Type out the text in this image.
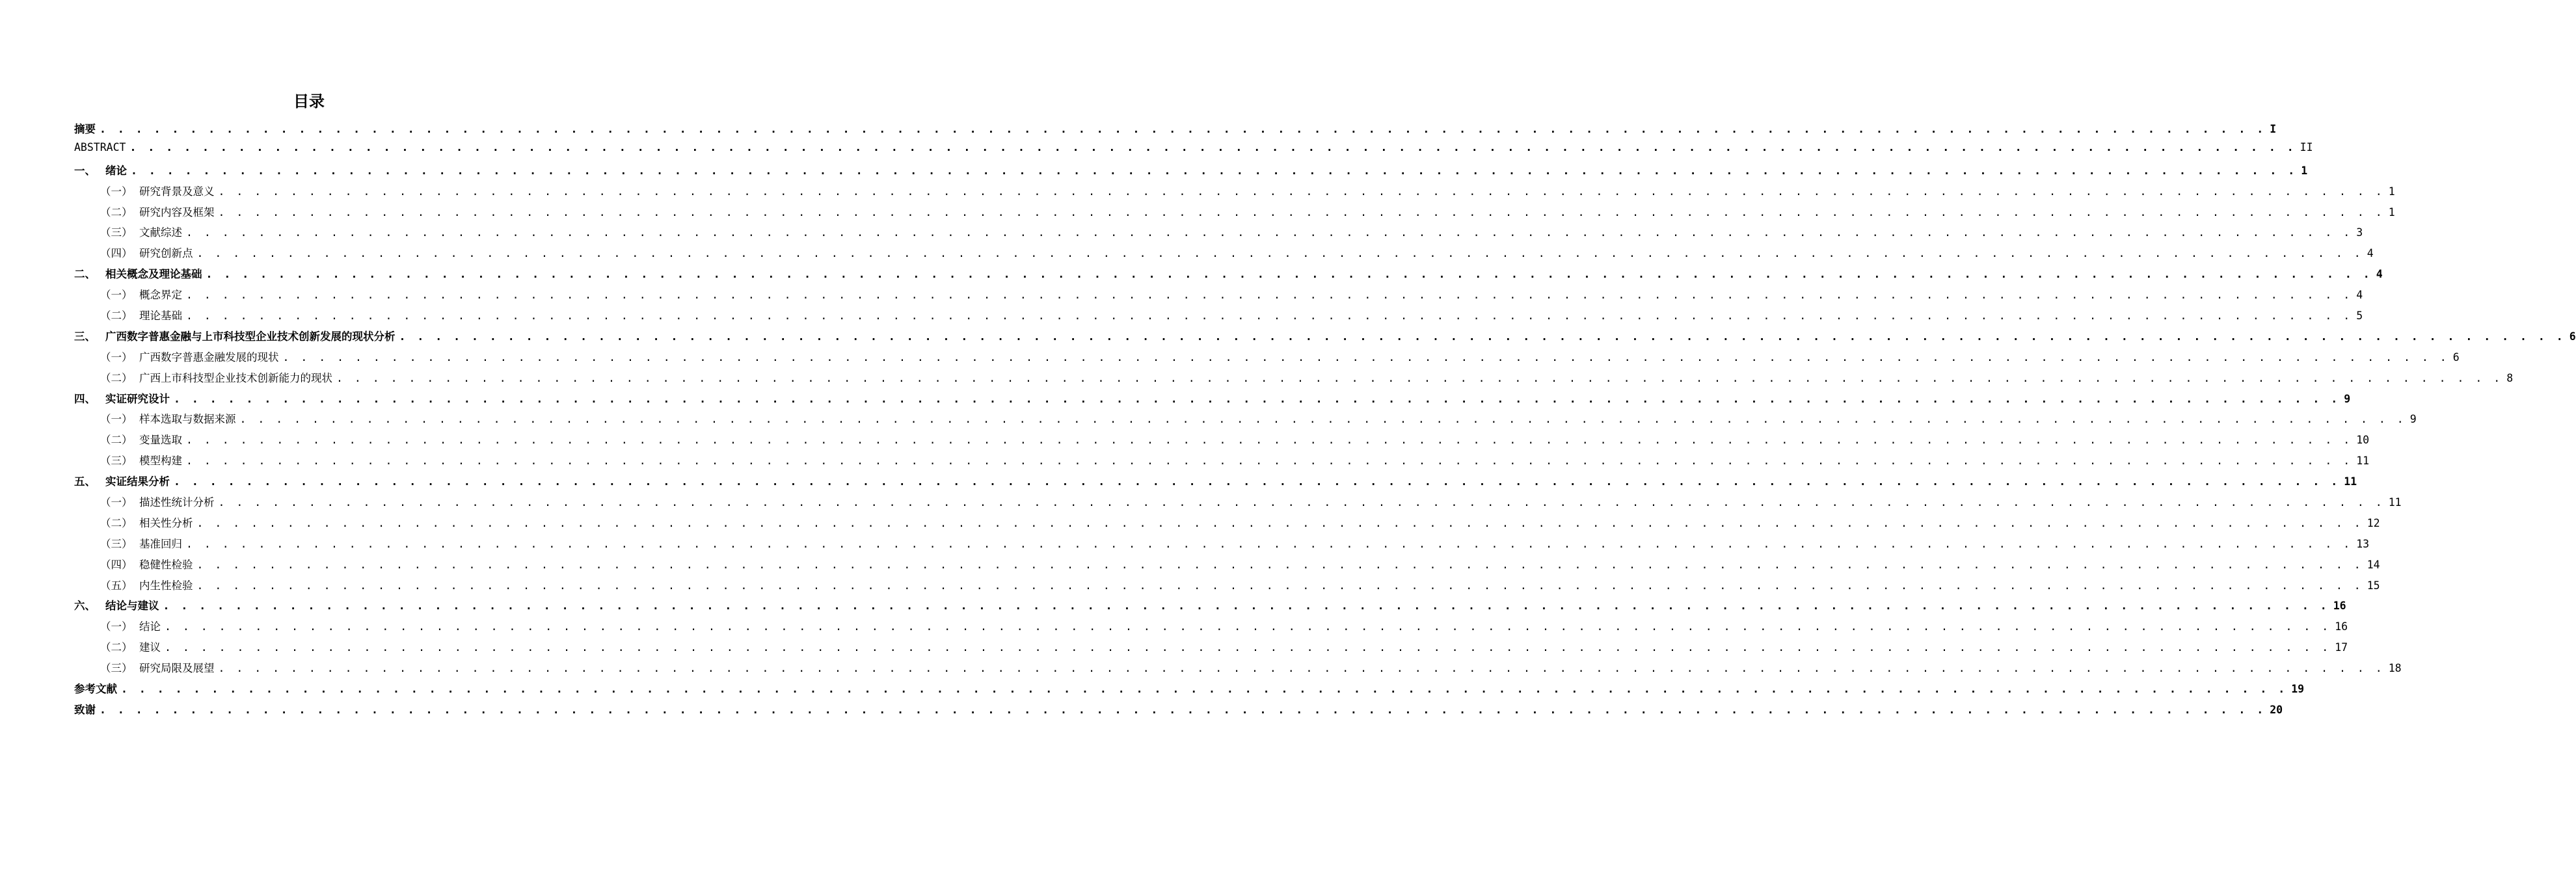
目录
摘要 . . . . . . . . . . . . . . . . . . . . . . . . . . . . . . . . . . . . . . . . . . . . . . . . . . . . . . . . . . . . . . . . . . . . . . . . . . . . . . . . . . . . . . . . . . . . . . . . . . . . . . . . . . . . . . . . . . . . . . . . I
ABSTRACT . . . . . . . . . . . . . . . . . . . . . . . . . . . . . . . . . . . . . . . . . . . . . . . . . . . . . . . . . . . . . . . . . . . . . . . . . . . . . . . . . . . . . . . . . . . . . . . . . . . . . . . . . . . . . . . . . . . . . . . . II
一、 绪论 . . . . . . . . . . . . . . . . . . . . . . . . . . . . . . . . . . . . . . . . . . . . . . . . . . . . . . . . . . . . . . . . . . . . . . . . . . . . . . . . . . . . . . . . . . . . . . . . . . . . . . . . . . . . . . . . . . . . . . . . 1
（一） 研究背景及意义 . . . . . . . . . . . . . . . . . . . . . . . . . . . . . . . . . . . . . . . . . . . . . . . . . . . . . . . . . . . . . . . . . . . . . . . . . . . . . . . . . . . . . . . . . . . . . . . . . . . . . . . . . . . . . . . . . . . . . . . . 1
（二） 研究内容及框架 . . . . . . . . . . . . . . . . . . . . . . . . . . . . . . . . . . . . . . . . . . . . . . . . . . . . . . . . . . . . . . . . . . . . . . . . . . . . . . . . . . . . . . . . . . . . . . . . . . . . . . . . . . . . . . . . . . . . . . . . 1
（三） 文献综述 . . . . . . . . . . . . . . . . . . . . . . . . . . . . . . . . . . . . . . . . . . . . . . . . . . . . . . . . . . . . . . . . . . . . . . . . . . . . . . . . . . . . . . . . . . . . . . . . . . . . . . . . . . . . . . . . . . . . . . . . 3
（四） 研究创新点 . . . . . . . . . . . . . . . . . . . . . . . . . . . . . . . . . . . . . . . . . . . . . . . . . . . . . . . . . . . . . . . . . . . . . . . . . . . . . . . . . . . . . . . . . . . . . . . . . . . . . . . . . . . . . . . . . . . . . . . . 4
二、 相关概念及理论基础 . . . . . . . . . . . . . . . . . . . . . . . . . . . . . . . . . . . . . . . . . . . . . . . . . . . . . . . . . . . . . . . . . . . . . . . . . . . . . . . . . . . . . . . . . . . . . . . . . . . . . . . . . . . . . . . . . . . . . . . . 4
（一） 概念界定 . . . . . . . . . . . . . . . . . . . . . . . . . . . . . . . . . . . . . . . . . . . . . . . . . . . . . . . . . . . . . . . . . . . . . . . . . . . . . . . . . . . . . . . . . . . . . . . . . . . . . . . . . . . . . . . . . . . . . . . . 4
（二） 理论基础 . . . . . . . . . . . . . . . . . . . . . . . . . . . . . . . . . . . . . . . . . . . . . . . . . . . . . . . . . . . . . . . . . . . . . . . . . . . . . . . . . . . . . . . . . . . . . . . . . . . . . . . . . . . . . . . . . . . . . . . . 5
三、 广西数字普惠金融与上市科技型企业技术创新发展的现状分析 . . . . . . . . . . . . . . . . . . . . . . . . . . . . . . . . . . . . . . . . . . . . . . . . . . . . . . . . . . . . . . . . . . . . . . . . . . . . . . . . . . . . . . . . . . . . . . . . . . . . . . . . . . . . . . . . . . . . . . . . 6
（一） 广西数字普惠金融发展的现状 . . . . . . . . . . . . . . . . . . . . . . . . . . . . . . . . . . . . . . . . . . . . . . . . . . . . . . . . . . . . . . . . . . . . . . . . . . . . . . . . . . . . . . . . . . . . . . . . . . . . . . . . . . . . . . . . . . . . . . . . 6
（二） 广西上市科技型企业技术创新能力的现状 . . . . . . . . . . . . . . . . . . . . . . . . . . . . . . . . . . . . . . . . . . . . . . . . . . . . . . . . . . . . . . . . . . . . . . . . . . . . . . . . . . . . . . . . . . . . . . . . . . . . . . . . . . . . . . . . . . . . . . . . 8
四、 实证研究设计 . . . . . . . . . . . . . . . . . . . . . . . . . . . . . . . . . . . . . . . . . . . . . . . . . . . . . . . . . . . . . . . . . . . . . . . . . . . . . . . . . . . . . . . . . . . . . . . . . . . . . . . . . . . . . . . . . . . . . . . . 9
（一） 样本选取与数据来源 . . . . . . . . . . . . . . . . . . . . . . . . . . . . . . . . . . . . . . . . . . . . . . . . . . . . . . . . . . . . . . . . . . . . . . . . . . . . . . . . . . . . . . . . . . . . . . . . . . . . . . . . . . . . . . . . . . . . . . . . 9
（二） 变量选取 . . . . . . . . . . . . . . . . . . . . . . . . . . . . . . . . . . . . . . . . . . . . . . . . . . . . . . . . . . . . . . . . . . . . . . . . . . . . . . . . . . . . . . . . . . . . . . . . . . . . . . . . . . . . . . . . . . . . . . . . 10
（三） 模型构建 . . . . . . . . . . . . . . . . . . . . . . . . . . . . . . . . . . . . . . . . . . . . . . . . . . . . . . . . . . . . . . . . . . . . . . . . . . . . . . . . . . . . . . . . . . . . . . . . . . . . . . . . . . . . . . . . . . . . . . . . 11
五、 实证结果分析 . . . . . . . . . . . . . . . . . . . . . . . . . . . . . . . . . . . . . . . . . . . . . . . . . . . . . . . . . . . . . . . . . . . . . . . . . . . . . . . . . . . . . . . . . . . . . . . . . . . . . . . . . . . . . . . . . . . . . . . . 11
（一） 描述性统计分析 . . . . . . . . . . . . . . . . . . . . . . . . . . . . . . . . . . . . . . . . . . . . . . . . . . . . . . . . . . . . . . . . . . . . . . . . . . . . . . . . . . . . . . . . . . . . . . . . . . . . . . . . . . . . . . . . . . . . . . . . 11
（二） 相关性分析 . . . . . . . . . . . . . . . . . . . . . . . . . . . . . . . . . . . . . . . . . . . . . . . . . . . . . . . . . . . . . . . . . . . . . . . . . . . . . . . . . . . . . . . . . . . . . . . . . . . . . . . . . . . . . . . . . . . . . . . . 12
（三） 基准回归 . . . . . . . . . . . . . . . . . . . . . . . . . . . . . . . . . . . . . . . . . . . . . . . . . . . . . . . . . . . . . . . . . . . . . . . . . . . . . . . . . . . . . . . . . . . . . . . . . . . . . . . . . . . . . . . . . . . . . . . . 13
（四） 稳健性检验 . . . . . . . . . . . . . . . . . . . . . . . . . . . . . . . . . . . . . . . . . . . . . . . . . . . . . . . . . . . . . . . . . . . . . . . . . . . . . . . . . . . . . . . . . . . . . . . . . . . . . . . . . . . . . . . . . . . . . . . . 14
（五） 内生性检验 . . . . . . . . . . . . . . . . . . . . . . . . . . . . . . . . . . . . . . . . . . . . . . . . . . . . . . . . . . . . . . . . . . . . . . . . . . . . . . . . . . . . . . . . . . . . . . . . . . . . . . . . . . . . . . . . . . . . . . . . 15
六、 结论与建议 . . . . . . . . . . . . . . . . . . . . . . . . . . . . . . . . . . . . . . . . . . . . . . . . . . . . . . . . . . . . . . . . . . . . . . . . . . . . . . . . . . . . . . . . . . . . . . . . . . . . . . . . . . . . . . . . . . . . . . . . 16
（一） 结论 . . . . . . . . . . . . . . . . . . . . . . . . . . . . . . . . . . . . . . . . . . . . . . . . . . . . . . . . . . . . . . . . . . . . . . . . . . . . . . . . . . . . . . . . . . . . . . . . . . . . . . . . . . . . . . . . . . . . . . . . 16
（二） 建议 . . . . . . . . . . . . . . . . . . . . . . . . . . . . . . . . . . . . . . . . . . . . . . . . . . . . . . . . . . . . . . . . . . . . . . . . . . . . . . . . . . . . . . . . . . . . . . . . . . . . . . . . . . . . . . . . . . . . . . . . 17
（三） 研究局限及展望 . . . . . . . . . . . . . . . . . . . . . . . . . . . . . . . . . . . . . . . . . . . . . . . . . . . . . . . . . . . . . . . . . . . . . . . . . . . . . . . . . . . . . . . . . . . . . . . . . . . . . . . . . . . . . . . . . . . . . . . . 18
参考文献 . . . . . . . . . . . . . . . . . . . . . . . . . . . . . . . . . . . . . . . . . . . . . . . . . . . . . . . . . . . . . . . . . . . . . . . . . . . . . . . . . . . . . . . . . . . . . . . . . . . . . . . . . . . . . . . . . . . . . . . . 19
致谢 . . . . . . . . . . . . . . . . . . . . . . . . . . . . . . . . . . . . . . . . . . . . . . . . . . . . . . . . . . . . . . . . . . . . . . . . . . . . . . . . . . . . . . . . . . . . . . . . . . . . . . . . . . . . . . . . . . . . . . . . 20
